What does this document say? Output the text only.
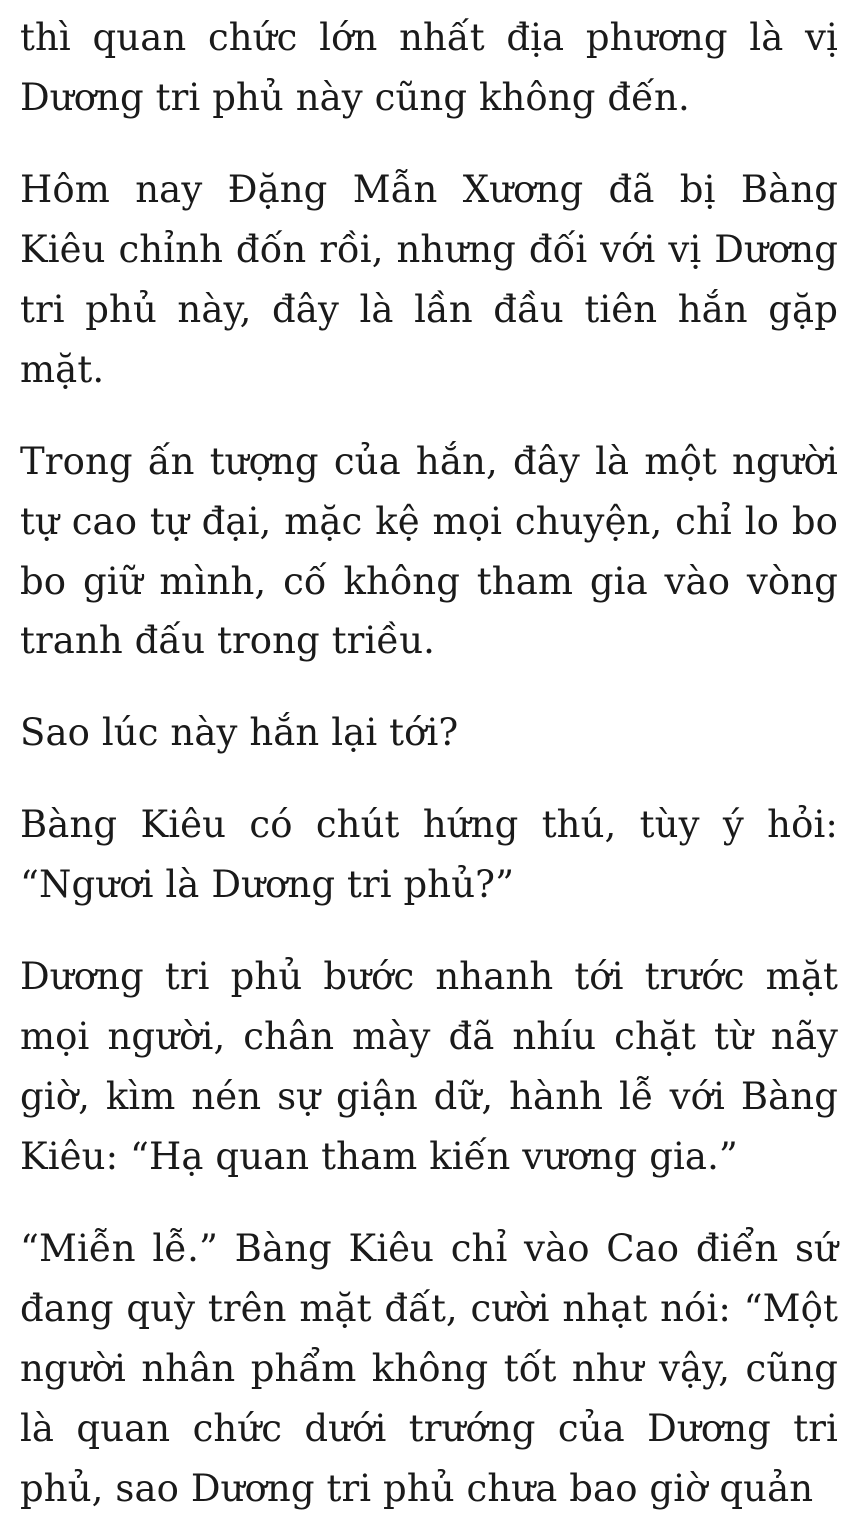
thì quan chức lớn nhất địa phương là vị Dương tri phủ này cũng không đến.

Hôm nay Đặng Mẫn Xương đã bị Bàng Kiêu chỉnh đốn rồi, nhưng đối với vị Dương tri phủ này, đây là lần đầu tiên hắn gặp mặt.

Trong ấn tượng của hắn, đây là một người tự cao tự đại, mặc kệ mọi chuyện, chỉ lo bo bo giữ mình, cố không tham gia vào vòng tranh đấu trong triều.

Sao lúc này hắn lại tới?

Bàng Kiêu có chút hứng thú, tùy ý hỏi: “Ngươi là Dương tri phủ?”

Dương tri phủ bước nhanh tới trước mặt mọi người, chân mày đã nhíu chặt từ nãy giờ, kìm nén sự giận dữ, hành lễ với Bàng Kiêu: “Hạ quan tham kiến vương gia.”

“Miễn lễ.” Bàng Kiêu chỉ vào Cao điển sứ đang quỳ trên mặt đất, cười nhạt nói: “Một người nhân phẩm không tốt như vậy, cũng là quan chức dưới trướng của Dương tri phủ, sao Dương tri phủ chưa bao giờ quản
